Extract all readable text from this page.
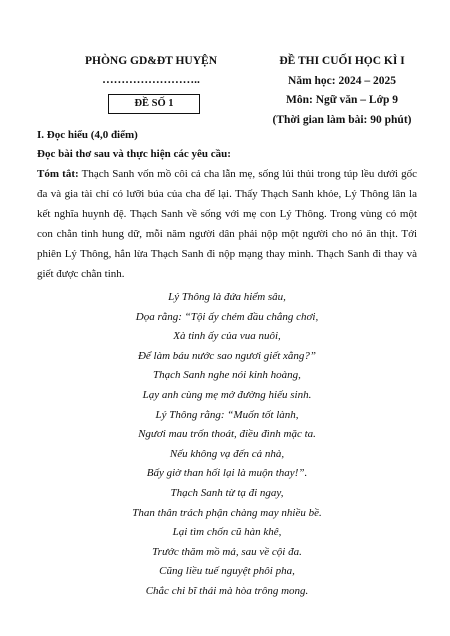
PHÒNG GD&ĐT HUYỆN
……………………..
ĐỀ THI CUỐI HỌC KÌ I
Năm học: 2024 – 2025
Môn: Ngữ văn – Lớp 9
(Thời gian làm bài: 90 phút)
ĐỀ SỐ 1
I. Đọc hiểu (4,0 điểm)
Đọc bài thơ sau và thực hiện các yêu cầu:

Tóm tắt: Thạch Sanh vốn mồ côi cả cha lẫn mẹ, sống lủi thủi trong túp lều dưới gốc đa và gia tài chỉ có lưỡi búa của cha để lại. Thấy Thạch Sanh khỏe, Lý Thông lân la kết nghĩa huynh đệ. Thạch Sanh về sống với mẹ con Lý Thông. Trong vùng có một con chằn tinh hung dữ, mỗi năm người dân phải nộp một người cho nó ăn thịt. Tới phiên Lý Thông, hắn lừa Thạch Sanh đi nộp mạng thay mình. Thạch Sanh đi thay và giết được chằn tinh.

Lý Thông là đứa hiểm sâu,
Dọa rằng: “Tội ấy chém đầu chẳng chơi,
Xà tinh ấy của vua nuôi,
Để làm báu nước sao ngươi giết xằng?”
Thạch Sanh nghe nói kinh hoàng,
Lạy anh cùng mẹ mở đường hiếu sinh.
Lý Thông rằng: “Muốn tốt lành,
Ngươi mau trốn thoát, điều đình mặc ta.
Nếu không vạ đến cả nhà,
Bấy giờ than hối lại là muộn thay!”.
Thạch Sanh từ tạ đi ngay,
Than thân trách phận chàng may nhiều bề.
Lại tìm chốn cũ hàn khê,
Trước thăm mồ mả, sau về cội đa.
Cũng liều tuế nguyệt phôi pha,
Chắc chi bĩ thái mà hòa trông mong.
